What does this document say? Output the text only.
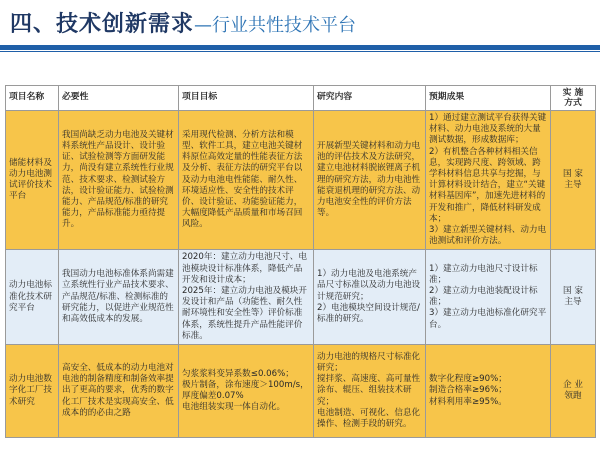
四、技术创新需求—行业共性技术平台
项目名称	必要性	项目目标	研究内容	预期成果	实 施
方式
储能材料及动力电池测试评价技术平台	我国尚缺乏动力电池及关键材料系统性产品设计、设计验证、试验检测等方面研发能力，尚没有建立系统性行业规范、技术要求、检测试验方法，设计验证能力、试验检测能力、产品规范/标准的研究能力，产品标准能力亟待提升。	采用现代检测、分析方法和模型、软件工具，建立电池关键材料原位高效定量的性能表征方法及分析、表征方法的研究平台以及动力电池电性能能、耐久性、环境适应性、安全性的技术评价、设计验证、功能验证能力，大幅度降低产品质量和市场召回风险。	开展新型关键材料和动力电池的评估技术及方法研究，建立电池材料脱嵌锂离子机理的研究方法，动力电池性能衰退机理的研究方法、动力电池安全性的评价方法等。	1）通过建立测试平台获得关键材料、动力电池及系统的大量测试数据，形成数据库；
2）有机整合各种材料相关信息，实现跨尺度、跨领域、跨学科材料信息共享与挖掘，与计算材料设计结合，建立“关键材料基因库”，加速先进材料的开发和推广，降低材料研发成本；
3）建立新型关键材料、动力电池测试和评价方法。	国 家
主导
动力电池标准化技术研究平台	我国动力电池标准体系尚需建立系统性行业产品技术要求、产品规范/标准、检测标准的研究能力，以促进产业规范性和高效低成本的发展。	2020年：建立动力电池尺寸、电池模块设计标准体系，降低产品开发和设计成本；
2025年：建立动力电池及模块开发设计和产品（功能性、耐久性耐环境性和安全性等）评价标准体系，系统性提升产品性能评价标准。	1）动力电池及电池系统产品尺寸标准以及动力电池设计规范研究；
2）电池模块空间设计规范/标准的研究。	1）建立动力电池尺寸设计标准；
2）建立动力电池装配设计标准；
3）建立动力电池标准化研究平台。	国 家
主导
动力电池数字化工厂技术研究	高安全、低成本的动力电池对电池的制备精度和制备效率提出了更高的要求，优秀的数字化工厂技术是实现高安全、低成本的的必由之路	匀浆浆料变异系数≤0.06%；
极片制备，涂布速度＞100m/s，厚度偏差0.07%
电池组装实现一体自动化。	动力电池的规格尺寸标准化研究；
搅拌浆、高速度、高可量性涂布、辊压、组装技术研究；
电池制造、可视化、信息化操作、检测手段的研究。	数字化程度≥90%；
制造合格率≥96%；
材料利用率≥95%。	企 业
领跑
